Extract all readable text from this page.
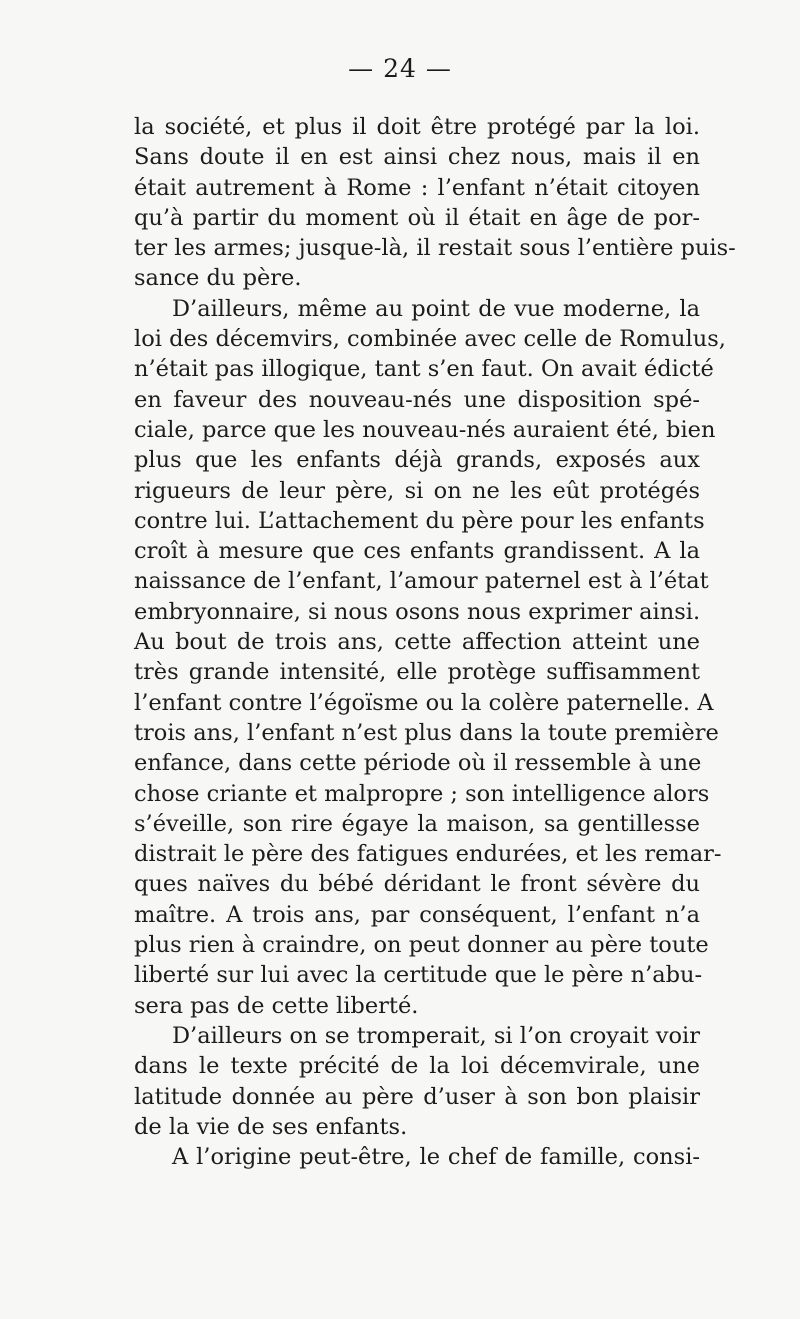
— 24 —
la société, et plus il doit être protégé par la loi.
Sans doute il en est ainsi chez nous, mais il en
était autrement à Rome : l’enfant n’était citoyen
qu’à partir du moment où il était en âge de por-
ter les armes; jusque-là, il restait sous l’entière puis-
sance du père.
D’ailleurs, même au point de vue moderne, la
loi des décemvirs, combinée avec celle de Romulus,
n’était pas illogique, tant s’en faut. On avait édicté
en faveur des nouveau-nés une disposition spé-
ciale, parce que les nouveau-nés auraient été, bien
plus que les enfants déjà grands, exposés aux
rigueurs de leur père, si on ne les eût protégés
contre lui. L’attachement du père pour les enfants
croît à mesure que ces enfants grandissent. A la
naissance de l’enfant, l’amour paternel est à l’état
embryonnaire, si nous osons nous exprimer ainsi.
Au bout de trois ans, cette affection atteint une
très grande intensité, elle protège suffisamment
l’enfant contre l’égoïsme ou la colère paternelle. A
trois ans, l’enfant n’est plus dans la toute première
enfance, dans cette période où il ressemble à une
chose criante et malpropre ; son intelligence alors
s’éveille, son rire égaye la maison, sa gentillesse
distrait le père des fatigues endurées, et les remar-
ques naïves du bébé déridant le front sévère du
maître. A trois ans, par conséquent, l’enfant n’a
plus rien à craindre, on peut donner au père toute
liberté sur lui avec la certitude que le père n’abu-
sera pas de cette liberté.
D’ailleurs on se tromperait, si l’on croyait voir
dans le texte précité de la loi décemvirale, une
latitude donnée au père d’user à son bon plaisir
de la vie de ses enfants.
A l’origine peut-être, le chef de famille, consi-
